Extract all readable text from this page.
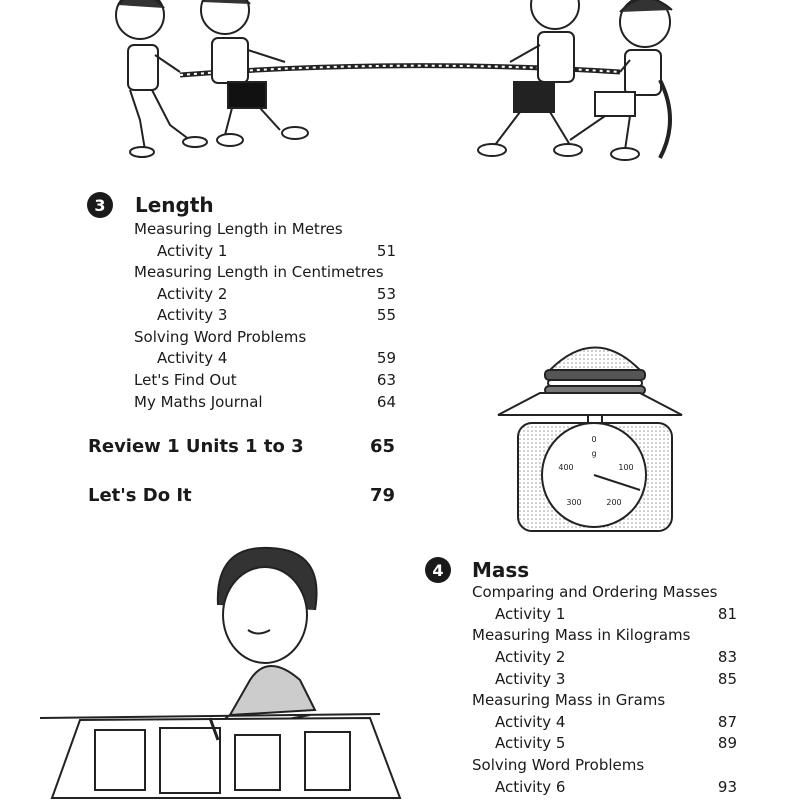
3	Length
Measuring Length in Metres
Activity 1	51
Measuring Length in Centimetres
Activity 2	53
Activity 3	55
Solving Word Problems
Activity 4	59
Let's Find Out	63
My Maths Journal	64
Review 1 Units 1 to 3	65
Let's Do It	79
0
g
100
200
300
400
4	Mass
Comparing and Ordering Masses
Activity 1	81
Measuring Mass in Kilograms
Activity 2	83
Activity 3	85
Measuring Mass in Grams
Activity 4	87
Activity 5	89
Solving Word Problems
Activity 6	93
